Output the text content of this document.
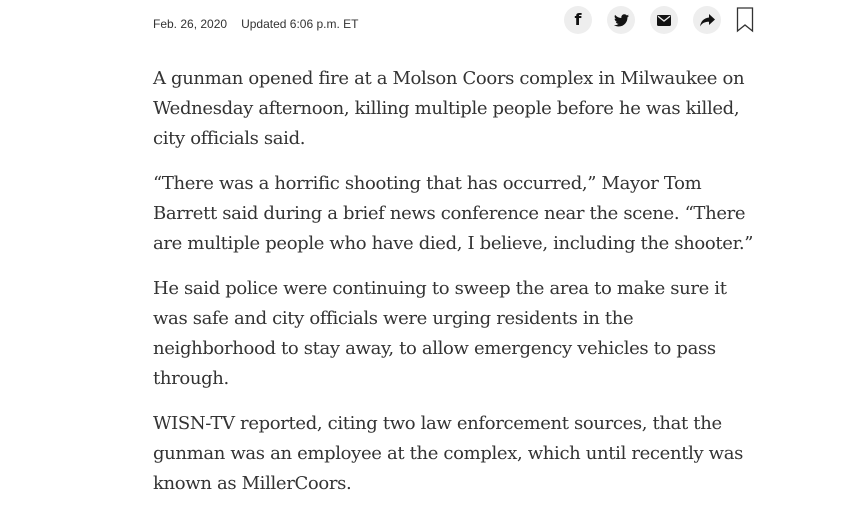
Feb. 26, 2020 Updated 6:06 p.m. ET	f

A gunman opened fire at a Molson Coors complex in Milwaukee on Wednesday afternoon, killing multiple people before he was killed, city officials said.

“There was a horrific shooting that has occurred,” Mayor Tom Barrett said during a brief news conference near the scene. “There are multiple people who have died, I believe, including the shooter.”

He said police were continuing to sweep the area to make sure it was safe and city officials were urging residents in the neighborhood to stay away, to allow emergency vehicles to pass through.

WISN-TV reported, citing two law enforcement sources, that the gunman was an employee at the complex, which until recently was known as MillerCoors.
